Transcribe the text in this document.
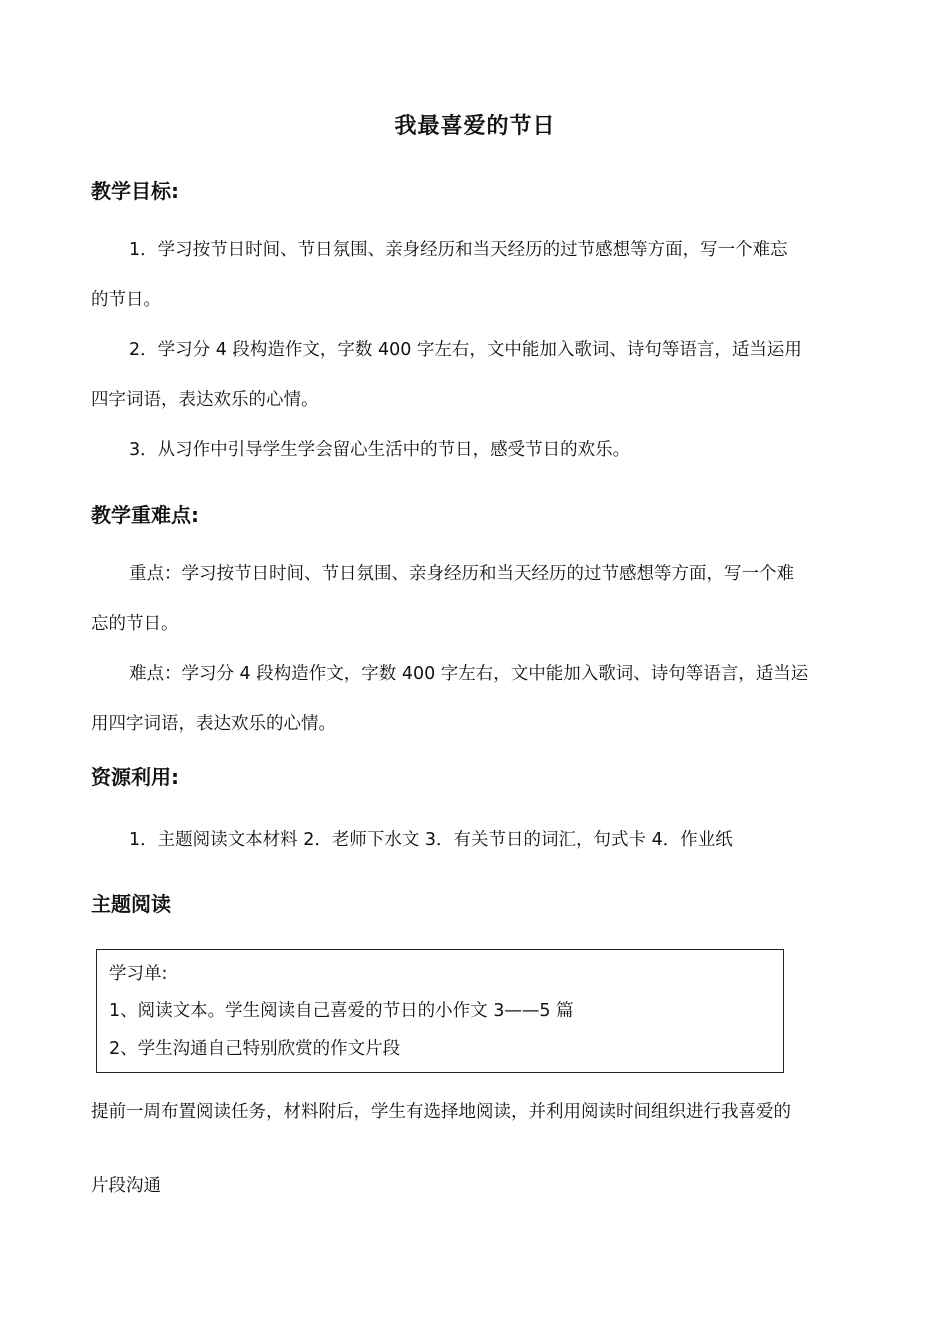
我最喜爱的节日
教学目标:
1．学习按节日时间、节日氛围、亲身经历和当天经历的过节感想等方面，写一个难忘
的节日。
2．学习分 4 段构造作文，字数 400 字左右，文中能加入歌词、诗句等语言，适当运用
四字词语，表达欢乐的心情。
3．从习作中引导学生学会留心生活中的节日，感受节日的欢乐。
教学重难点:
重点：学习按节日时间、节日氛围、亲身经历和当天经历的过节感想等方面，写一个难
忘的节日。
难点：学习分 4 段构造作文，字数 400 字左右，文中能加入歌词、诗句等语言，适当运
用四字词语，表达欢乐的心情。
资源利用:
1．主题阅读文本材料 2．老师下水文 3．有关节日的词汇，句式卡 4．作业纸
主题阅读
学习单:
1、阅读文本。学生阅读自己喜爱的节日的小作文 3——5 篇
2、学生沟通自己特别欣赏的作文片段
提前一周布置阅读任务，材料附后，学生有选择地阅读，并利用阅读时间组织进行我喜爱的
片段沟通
